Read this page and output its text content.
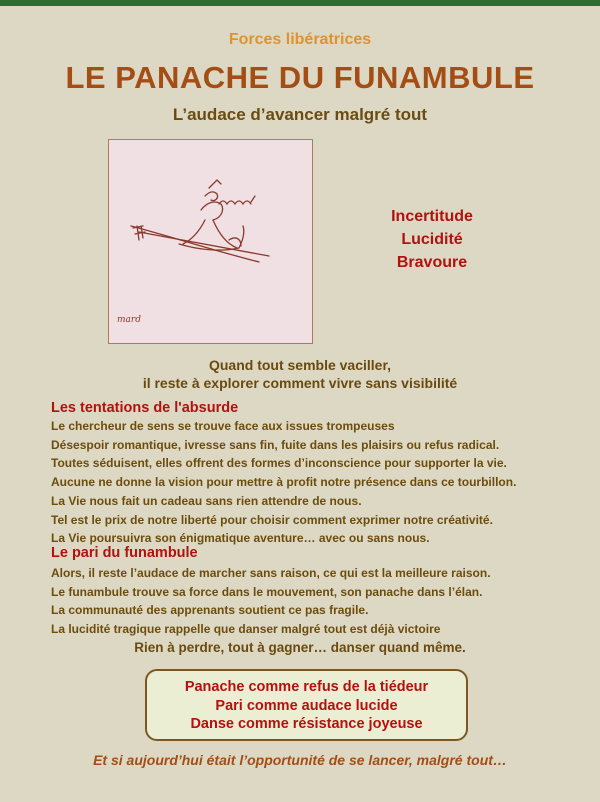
Forces libératrices
LE PANACHE DU FUNAMBULE
L’audace d’avancer malgré tout
mard
Incertitude
Lucidité
Bravoure
Quand tout semble vaciller,
il reste à explorer comment vivre sans visibilité
Les tentations de l'absurde
Le chercheur de sens se trouve face aux issues trompeuses
Désespoir romantique, ivresse sans fin, fuite dans les plaisirs ou refus radical.
Toutes séduisent, elles offrent des formes d’inconscience pour supporter la vie.
Aucune ne donne la vision pour mettre à profit notre présence dans ce tourbillon.
La Vie nous fait un cadeau sans rien attendre de nous.
Tel est le prix de notre liberté pour choisir comment exprimer notre créativité.
La Vie poursuivra son énigmatique aventure… avec ou sans nous.
Le pari du funambule
Alors, il reste l’audace de marcher sans raison, ce qui est la meilleure raison.
Le funambule trouve sa force dans le mouvement, son panache dans l’élan.
La communauté des apprenants soutient ce pas fragile.
La lucidité tragique rappelle que danser malgré tout est déjà victoire
Rien à perdre, tout à gagner… danser quand même.
Panache comme refus de la tiédeur
Pari comme audace lucide
Danse comme résistance joyeuse
Et si aujourd’hui était l’opportunité de se lancer, malgré tout…
